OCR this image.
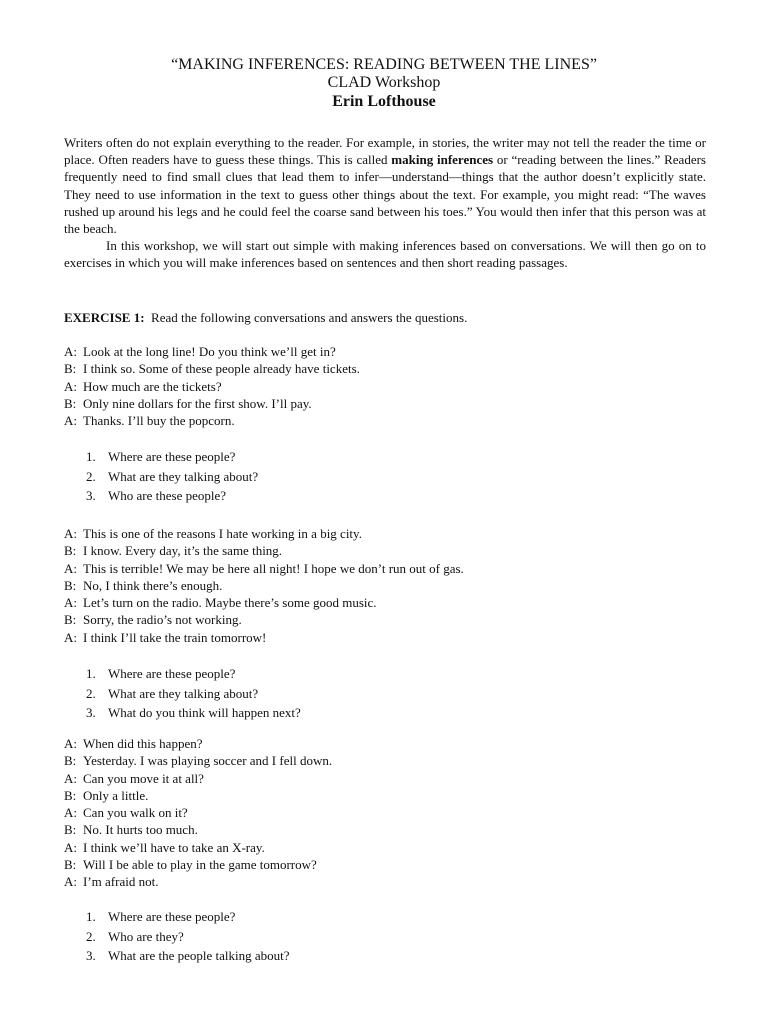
“MAKING INFERENCES: READING BETWEEN THE LINES”
CLAD Workshop
Erin Lofthouse

Writers often do not explain everything to the reader. For example, in stories, the writer may not tell the reader the time or place. Often readers have to guess these things. This is called making inferences or “reading between the lines.” Readers frequently need to find small clues that lead them to infer—understand—things that the author doesn’t explicitly state. They need to use information in the text to guess other things about the text. For example, you might read: “The waves rushed up around his legs and he could feel the coarse sand between his toes.” You would then infer that this person was at the beach.

In this workshop, we will start out simple with making inferences based on conversations. We will then go on to exercises in which you will make inferences based on sentences and then short reading passages.

EXERCISE 1: Read the following conversations and answers the questions.
A: Look at the long line! Do you think we’ll get in?
B: I think so. Some of these people already have tickets.
A: How much are the tickets?
B: Only nine dollars for the first show. I’ll pay.
A: Thanks. I’ll buy the popcorn.
1. Where are these people?
2. What are they talking about?
3. Who are these people?
A: This is one of the reasons I hate working in a big city.
B: I know. Every day, it’s the same thing.
A: This is terrible! We may be here all night! I hope we don’t run out of gas.
B: No, I think there’s enough.
A: Let’s turn on the radio. Maybe there’s some good music.
B: Sorry, the radio’s not working.
A: I think I’ll take the train tomorrow!
1. Where are these people?
2. What are they talking about?
3. What do you think will happen next?
A: When did this happen?
B: Yesterday. I was playing soccer and I fell down.
A: Can you move it at all?
B: Only a little.
A: Can you walk on it?
B: No. It hurts too much.
A: I think we’ll have to take an X-ray.
B: Will I be able to play in the game tomorrow?
A: I’m afraid not.
1. Where are these people?
2. Who are they?
3. What are the people talking about?
